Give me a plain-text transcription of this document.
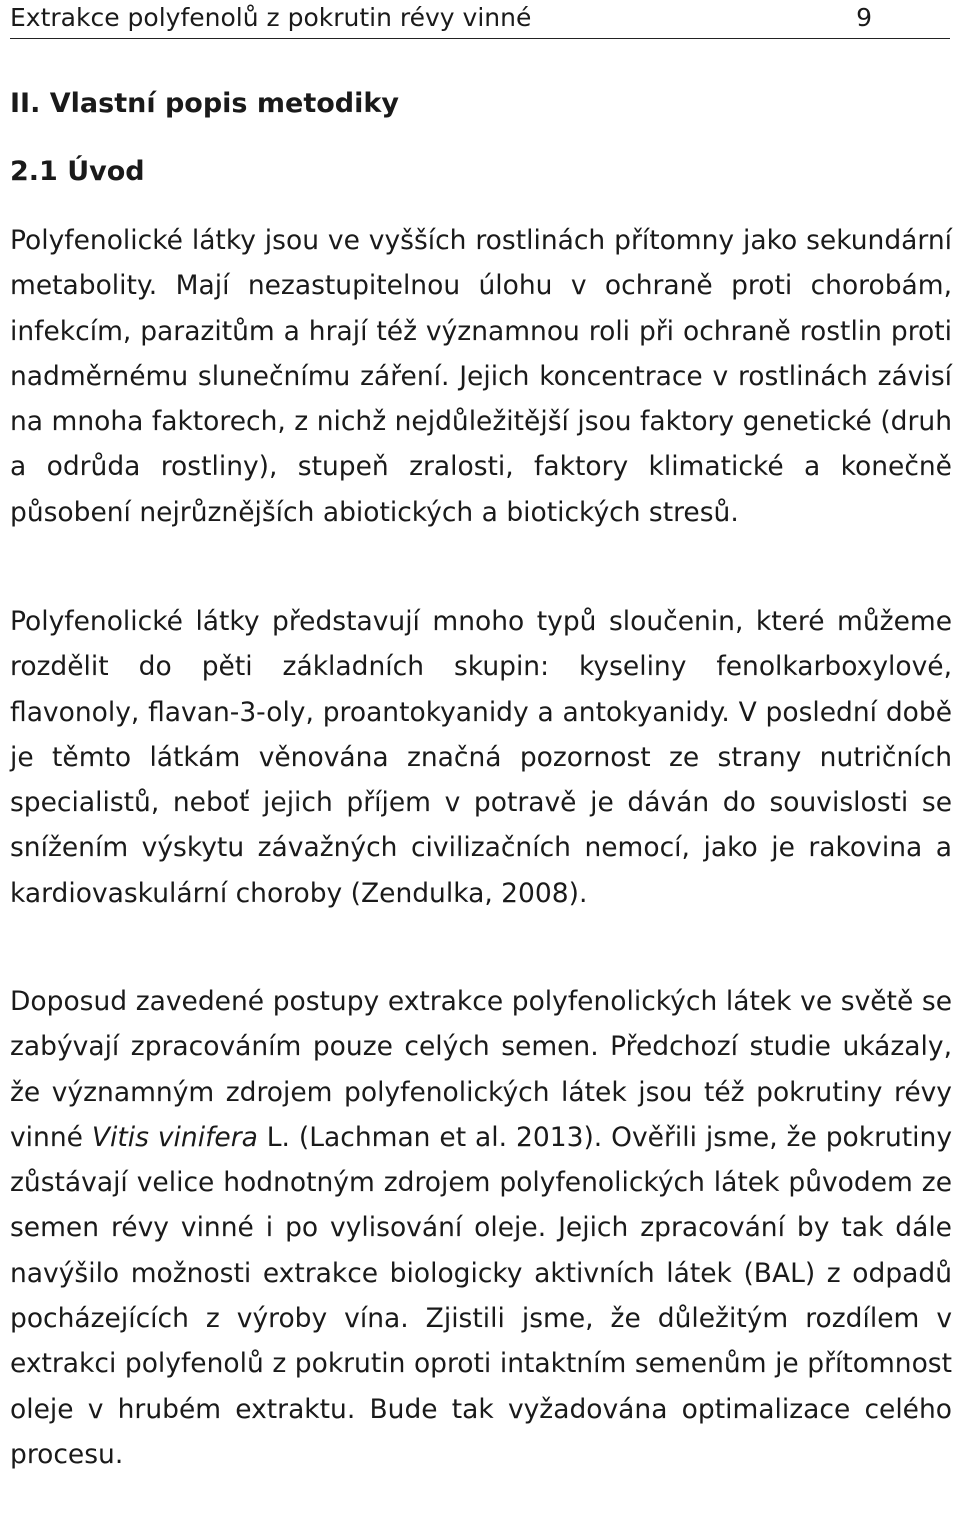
Extrakce polyfenolů z pokrutin révy vinné	9
II. Vlastní popis metodiky
2.1 Úvod

Polyfenolické látky jsou ve vyšších rostlinách přítomny jako sekundární metabolity. Mají nezastupitelnou úlohu v ochraně proti chorobám, infekcím, parazitům a hrají též významnou roli při ochraně rostlin proti nadměrnému slunečnímu záření. Jejich koncentrace v rostlinách závisí na mnoha faktorech, z nichž nejdůležitější jsou faktory genetické (druh a odrůda rostliny), stupeň zralosti, faktory klimatické a konečně působení nejrůznějších abiotických a biotických stresů.

Polyfenolické látky představují mnoho typů sloučenin, které můžeme rozdělit do pěti základních skupin: kyseliny fenolkarboxylové, flavonoly, flavan-3-oly, proantokyanidy a antokyanidy. V poslední době je těmto látkám věnována značná pozornost ze strany nutričních specialistů, neboť jejich příjem v potravě je dáván do souvislosti se snížením výskytu závažných civilizačních nemocí, jako je rakovina a kardiovaskulární choroby (Zendulka, 2008).

Doposud zavedené postupy extrakce polyfenolických látek ve světě se zabývají zpracováním pouze celých semen. Předchozí studie ukázaly, že významným zdrojem polyfenolických látek jsou též pokrutiny révy vinné Vitis vinifera L. (Lachman et al. 2013). Ověřili jsme, že pokrutiny zůstávají velice hodnotným zdrojem polyfenolických látek původem ze semen révy vinné i po vylisování oleje. Jejich zpracování by tak dále navýšilo možnosti extrakce biologicky aktivních látek (BAL) z odpadů pocházejících z výroby vína. Zjistili jsme, že důležitým rozdílem v extrakci polyfenolů z pokrutin oproti intaktním semenům je přítomnost oleje v hrubém extraktu. Bude tak vyžadována optimalizace celého procesu.
